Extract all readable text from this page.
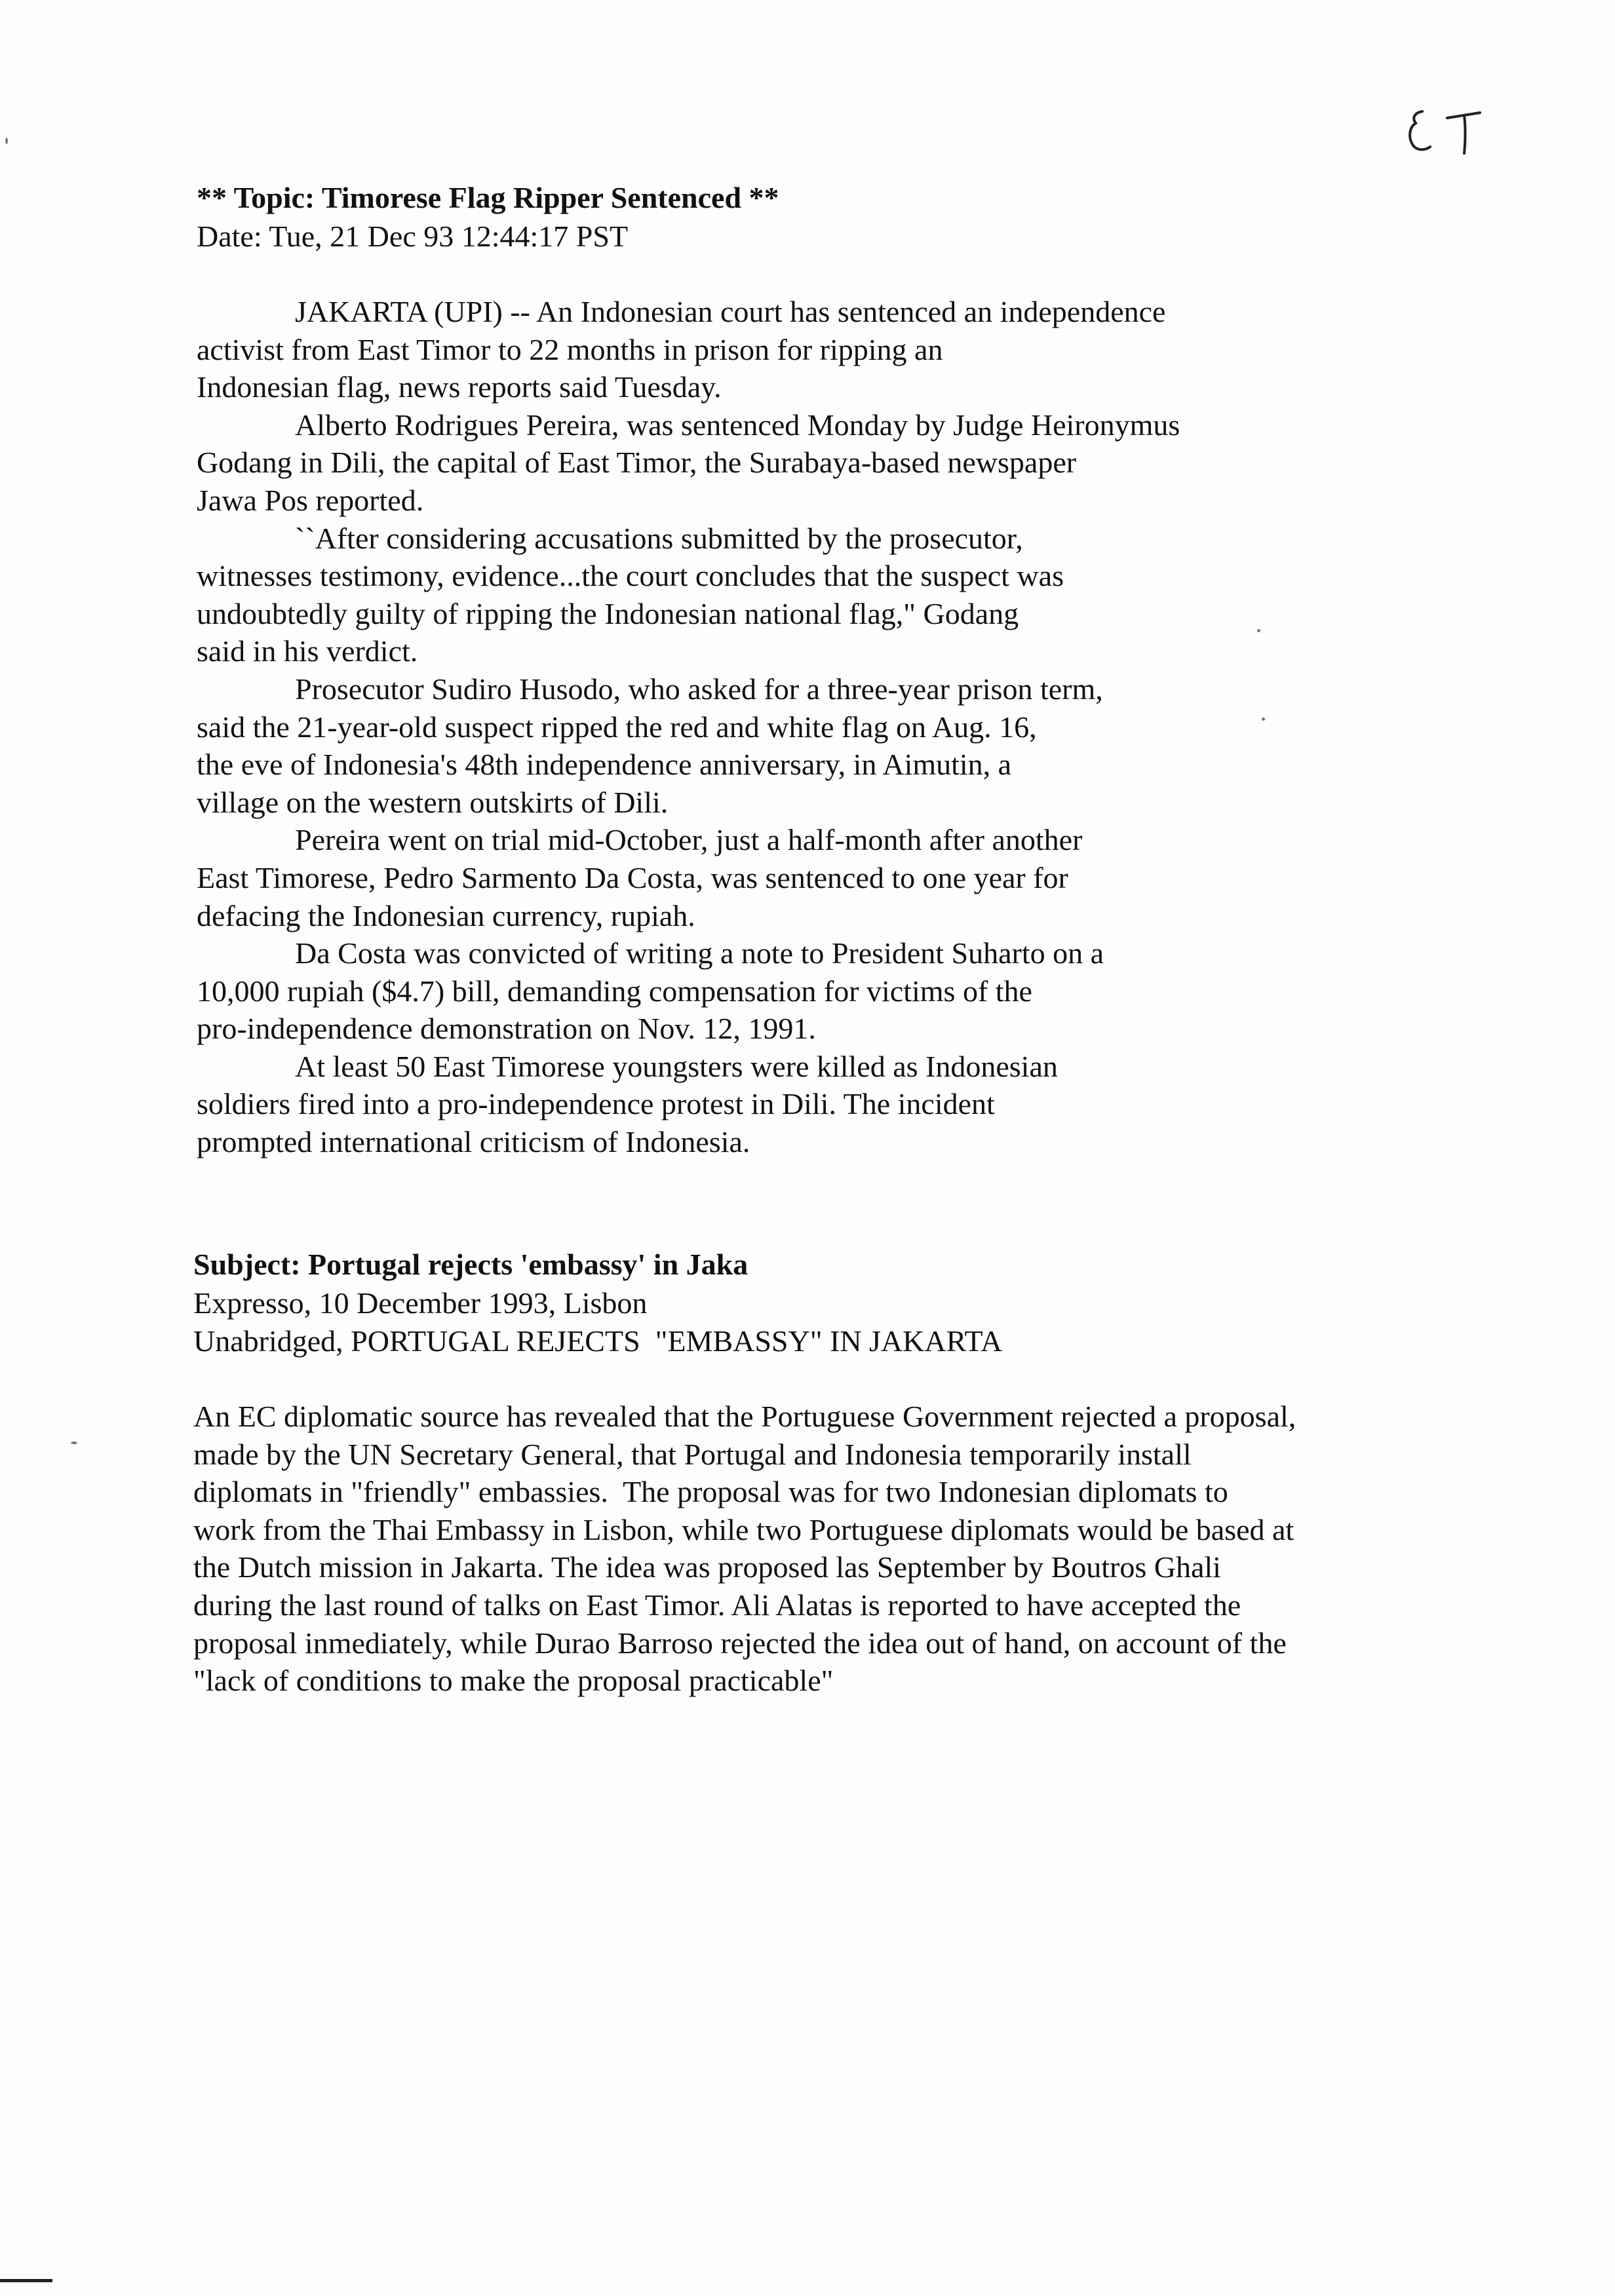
** Topic: Timorese Flag Ripper Sentenced **
Date: Tue, 21 Dec 93 12:44:17 PST
JAKARTA (UPI) -- An Indonesian court has sentenced an independence
activist from East Timor to 22 months in prison for ripping an
Indonesian flag, news reports said Tuesday.
Alberto Rodrigues Pereira, was sentenced Monday by Judge Heironymus
Godang in Dili, the capital of East Timor, the Surabaya-based newspaper
Jawa Pos reported.
``After considering accusations submitted by the prosecutor,
witnesses testimony, evidence...the court concludes that the suspect was
undoubtedly guilty of ripping the Indonesian national flag," Godang
said in his verdict.
Prosecutor Sudiro Husodo, who asked for a three-year prison term,
said the 21-year-old suspect ripped the red and white flag on Aug. 16,
the eve of Indonesia's 48th independence anniversary, in Aimutin, a
village on the western outskirts of Dili.
Pereira went on trial mid-October, just a half-month after another
East Timorese, Pedro Sarmento Da Costa, was sentenced to one year for
defacing the Indonesian currency, rupiah.
Da Costa was convicted of writing a note to President Suharto on a
10,000 rupiah ($4.7) bill, demanding compensation for victims of the
pro-independence demonstration on Nov. 12, 1991.
At least 50 East Timorese youngsters were killed as Indonesian
soldiers fired into a pro-independence protest in Dili. The incident
prompted international criticism of Indonesia.
Subject: Portugal rejects 'embassy' in Jaka
Expresso, 10 December 1993, Lisbon
Unabridged, PORTUGAL REJECTS  "EMBASSY" IN JAKARTA
An EC diplomatic source has revealed that the Portuguese Government rejected a proposal,
made by the UN Secretary General, that Portugal and Indonesia temporarily install
diplomats in "friendly" embassies.  The proposal was for two Indonesian diplomats to
work from the Thai Embassy in Lisbon, while two Portuguese diplomats would be based at
the Dutch mission in Jakarta. The idea was proposed las September by Boutros Ghali
during the last round of talks on East Timor. Ali Alatas is reported to have accepted the
proposal inmediately, while Durao Barroso rejected the idea out of hand, on account of the
"lack of conditions to make the proposal practicable"
